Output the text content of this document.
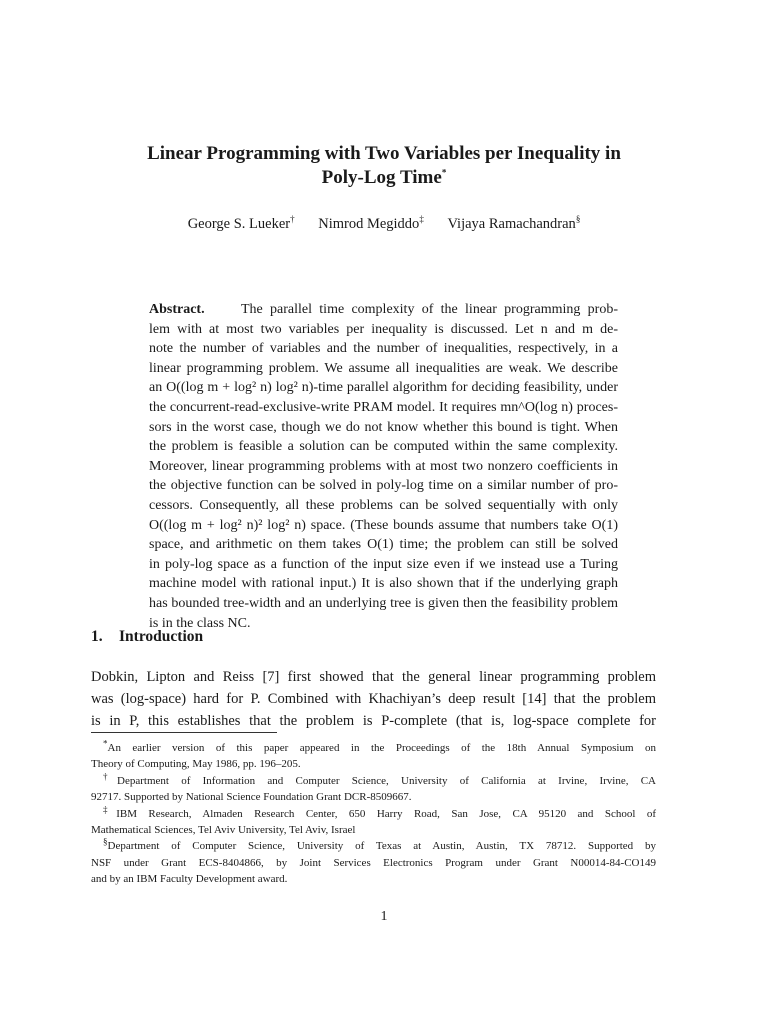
Linear Programming with Two Variables per Inequality in
Poly-Log Time*
George S. Lueker† Nimrod Megiddo‡ Vijaya Ramachandran§
Abstract.	The parallel time complexity of the linear programming prob-
lem with at most two variables per inequality is discussed. Let n and m de-
note the number of variables and the number of inequalities, respectively, in a
linear programming problem. We assume all inequalities are weak. We describe
an O((log m + log² n) log² n)-time parallel algorithm for deciding feasibility, under
the concurrent-read-exclusive-write PRAM model. It requires mn^O(log n) proces-
sors in the worst case, though we do not know whether this bound is tight. When
the problem is feasible a solution can be computed within the same complexity.
Moreover, linear programming problems with at most two nonzero coefficients in
the objective function can be solved in poly-log time on a similar number of pro-
cessors. Consequently, all these problems can be solved sequentially with only
O((log m + log² n)² log² n) space. (These bounds assume that numbers take O(1)
space, and arithmetic on them takes O(1) time; the problem can still be solved
in poly-log space as a function of the input size even if we instead use a Turing
machine model with rational input.) It is also shown that if the underlying graph
has bounded tree-width and an underlying tree is given then the feasibility problem
is in the class NC.
1. Introduction
Dobkin, Lipton and Reiss [7] first showed that the general linear programming problem
was (log-space) hard for P. Combined with Khachiyan’s deep result [14] that the problem
is in P, this establishes that the problem is P-complete (that is, log-space complete for
*An earlier version of this paper appeared in the Proceedings of the 18th Annual Symposium on
Theory of Computing, May 1986, pp. 196–205.
†Department of Information and Computer Science, University of California at Irvine, Irvine, CA
92717. Supported by National Science Foundation Grant DCR-8509667.
‡IBM Research, Almaden Research Center, 650 Harry Road, San Jose, CA 95120 and School of
Mathematical Sciences, Tel Aviv University, Tel Aviv, Israel
§Department of Computer Science, University of Texas at Austin, Austin, TX 78712. Supported by
NSF under Grant ECS-8404866, by Joint Services Electronics Program under Grant N00014-84-CO149
and by an IBM Faculty Development award.
1
